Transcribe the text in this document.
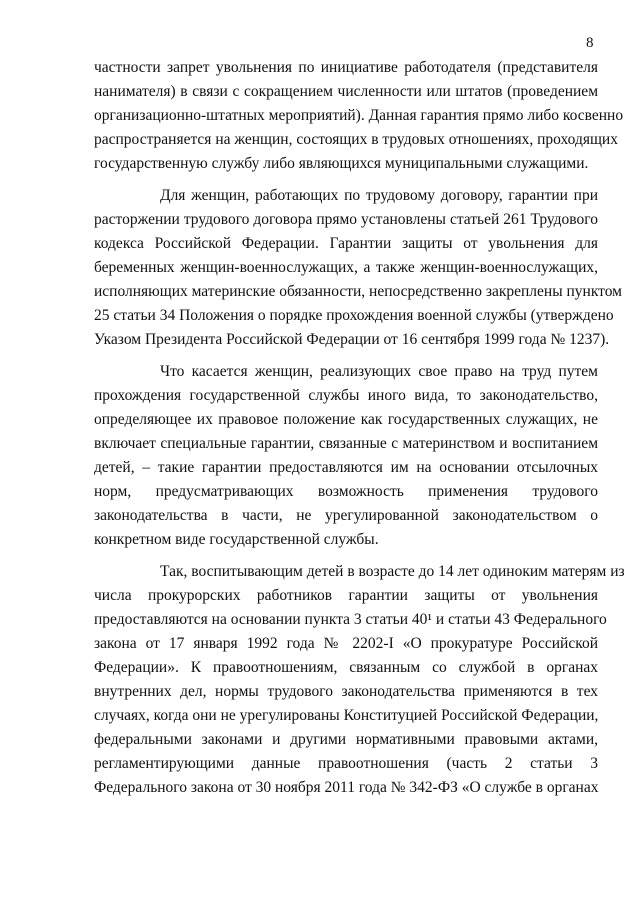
8
частности запрет увольнения по инициативе работодателя (представителя
нанимателя) в связи с сокращением численности или штатов (проведением
организационно-штатных мероприятий). Данная гарантия прямо либо косвенно
распространяется на женщин, состоящих в трудовых отношениях, проходящих
государственную службу либо являющихся муниципальными служащими.
Для женщин, работающих по трудовому договору, гарантии при
расторжении трудового договора прямо установлены статьей 261 Трудового
кодекса Российской Федерации. Гарантии защиты от увольнения для
беременных женщин-военнослужащих, а также женщин-военнослужащих,
исполняющих материнские обязанности, непосредственно закреплены пунктом
25 статьи 34 Положения о порядке прохождения военной службы (утверждено
Указом Президента Российской Федерации от 16 сентября 1999 года № 1237).
Что касается женщин, реализующих свое право на труд путем
прохождения государственной службы иного вида, то законодательство,
определяющее их правовое положение как государственных служащих, не
включает специальные гарантии, связанные с материнством и воспитанием
детей, – такие гарантии предоставляются им на основании отсылочных
норм, предусматривающих возможность применения трудового
законодательства в части, не урегулированной законодательством о
конкретном виде государственной службы.
Так, воспитывающим детей в возрасте до 14 лет одиноким матерям из
числа прокурорских работников гарантии защиты от увольнения
предоставляются на основании пункта 3 статьи 40¹ и статьи 43 Федерального
закона от 17 января 1992 года № 2202-I «О прокуратуре Российской
Федерации». К правоотношениям, связанным со службой в органах
внутренних дел, нормы трудового законодательства применяются в тех
случаях, когда они не урегулированы Конституцией Российской Федерации,
федеральными законами и другими нормативными правовыми актами,
регламентирующими данные правоотношения (часть 2 статьи 3
Федерального закона от 30 ноября 2011 года № 342-ФЗ «О службе в органах
